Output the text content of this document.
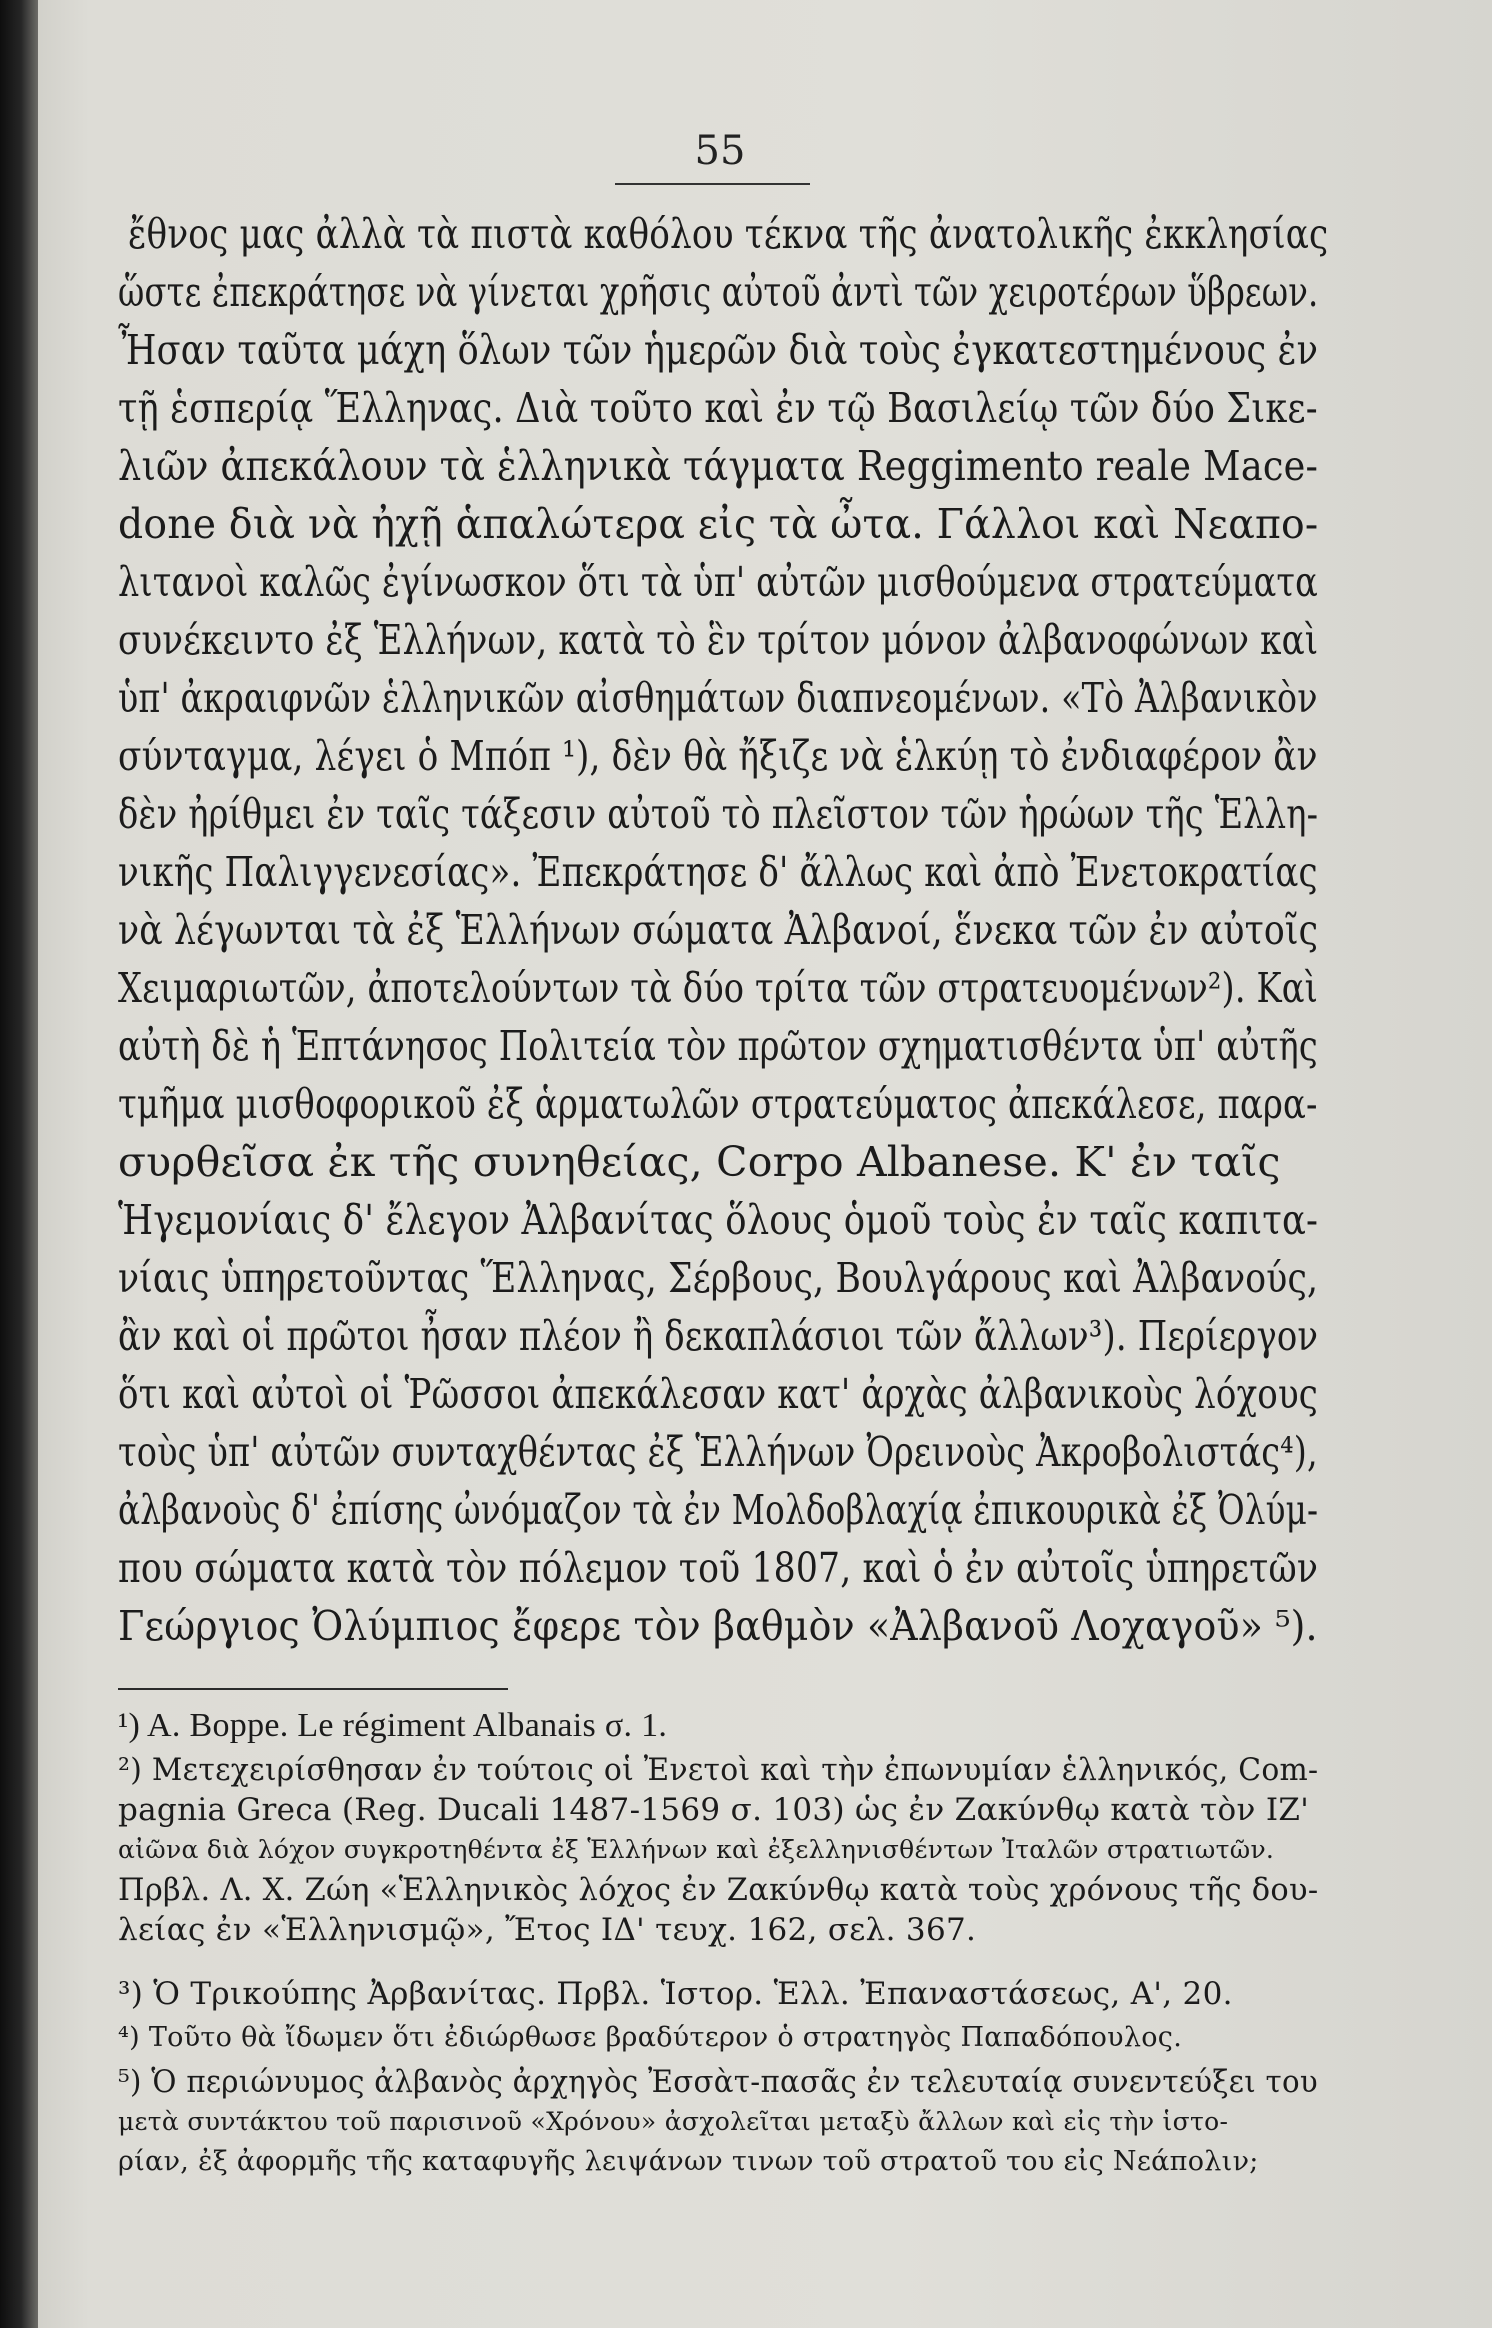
55
ἔθνος μας ἀλλὰ τὰ πιστὰ καθόλου τέκνα τῆς ἀνατολικῆς ἐκκλησίας
ὥστε ἐπεκράτησε νὰ γίνεται χρῆσις αὐτοῦ ἀντὶ τῶν χειροτέρων ὕβρεων.
Ἦσαν ταῦτα μάχη ὅλων τῶν ἡμερῶν διὰ τοὺς ἐγκατεστημένους ἐν
τῇ ἑσπερίᾳ Ἕλληνας. Διὰ τοῦτο καὶ ἐν τῷ Βασιλείῳ τῶν δύο Σικε-
λιῶν ἀπεκάλουν τὰ ἑλληνικὰ τάγματα Reggimento reale Mace-
done διὰ νὰ ἠχῇ ἁπαλώτερα εἰς τὰ ὦτα. Γάλλοι καὶ Νεαπο-
λιτανοὶ καλῶς ἐγίνωσκον ὅτι τὰ ὑπ' αὐτῶν μισθούμενα στρατεύματα
συνέκειντο ἐξ Ἑλλήνων, κατὰ τὸ ἓν τρίτον μόνον ἀλβανοφώνων καὶ
ὑπ' ἀκραιφνῶν ἑλληνικῶν αἰσθημάτων διαπνεομένων. «Τὸ Ἀλβανικὸν
σύνταγμα, λέγει ὁ Μπόπ ¹), δὲν θὰ ἤξιζε νὰ ἑλκύῃ τὸ ἐνδιαφέρον ἂν
δὲν ἠρίθμει ἐν ταῖς τάξεσιν αὐτοῦ τὸ πλεῖστον τῶν ἡρώων τῆς Ἑλλη-
νικῆς Παλιγγενεσίας». Ἐπεκράτησε δ' ἄλλως καὶ ἀπὸ Ἐνετοκρατίας
νὰ λέγωνται τὰ ἐξ Ἑλλήνων σώματα Ἀλβανοί, ἕνεκα τῶν ἐν αὐτοῖς
Χειμαριωτῶν, ἀποτελούντων τὰ δύο τρίτα τῶν στρατευομένων²). Καὶ
αὐτὴ δὲ ἡ Ἑπτάνησος Πολιτεία τὸν πρῶτον σχηματισθέντα ὑπ' αὐτῆς
τμῆμα μισθοφορικοῦ ἐξ ἁρματωλῶν στρατεύματος ἀπεκάλεσε, παρα-
συρθεῖσα ἐκ τῆς συνηθείας, Corpo Albanese. Κ' ἐν ταῖς
Ἡγεμονίαις δ' ἔλεγον Ἀλβανίτας ὅλους ὁμοῦ τοὺς ἐν ταῖς καπιτα-
νίαις ὑπηρετοῦντας Ἕλληνας, Σέρβους, Βουλγάρους καὶ Ἀλβανούς,
ἂν καὶ οἱ πρῶτοι ἦσαν πλέον ἢ δεκαπλάσιοι τῶν ἄλλων³). Περίεργον
ὅτι καὶ αὐτοὶ οἱ Ῥῶσσοι ἀπεκάλεσαν κατ' ἀρχὰς ἀλβανικοὺς λόχους
τοὺς ὑπ' αὐτῶν συνταχθέντας ἐξ Ἑλλήνων Ὀρεινοὺς Ἀκροβολιστάς⁴),
ἀλβανοὺς δ' ἐπίσης ὠνόμαζον τὰ ἐν Μολδοβλαχίᾳ ἐπικουρικὰ ἐξ Ὀλύμ-
που σώματα κατὰ τὸν πόλεμον τοῦ 1807, καὶ ὁ ἐν αὐτοῖς ὑπηρετῶν
Γεώργιος Ὀλύμπιος ἔφερε τὸν βαθμὸν «Ἀλβανοῦ Λοχαγοῦ» ⁵).
¹) A. Boppe. Le régiment Albanais σ. 1.
²) Μετεχειρίσθησαν ἐν τούτοις οἱ Ἐνετοὶ καὶ τὴν ἐπωνυμίαν ἑλληνικός, Com-
pagnia Greca (Reg. Ducali 1487-1569 σ. 103) ὡς ἐν Ζακύνθῳ κατὰ τὸν ΙΖ'
αἰῶνα διὰ λόχον συγκροτηθέντα ἐξ Ἑλλήνων καὶ ἐξελληνισθέντων Ἰταλῶν στρατιωτῶν.
Πρβλ. Λ. Χ. Ζώη «Ἑλληνικὸς λόχος ἐν Ζακύνθῳ κατὰ τοὺς χρόνους τῆς δου-
λείας ἐν «Ἑλληνισμῷ», Ἔτος ΙΔ' τευχ. 162, σελ. 367.
³) Ὁ Τρικούπης Ἀρβανίτας. Πρβλ. Ἱστορ. Ἑλλ. Ἐπαναστάσεως, Α', 20.
⁴) Τοῦτο θὰ ἴδωμεν ὅτι ἐδιώρθωσε βραδύτερον ὁ στρατηγὸς Παπαδόπουλος.
⁵) Ὁ περιώνυμος ἀλβανὸς ἀρχηγὸς Ἐσσὰτ-πασᾶς ἐν τελευταίᾳ συνεντεύξει του
μετὰ συντάκτου τοῦ παρισινοῦ «Χρόνου» ἀσχολεῖται μεταξὺ ἄλλων καὶ εἰς τὴν ἱστο-
ρίαν, ἐξ ἀφορμῆς τῆς καταφυγῆς λειψάνων τινων τοῦ στρατοῦ του εἰς Νεάπολιν;
